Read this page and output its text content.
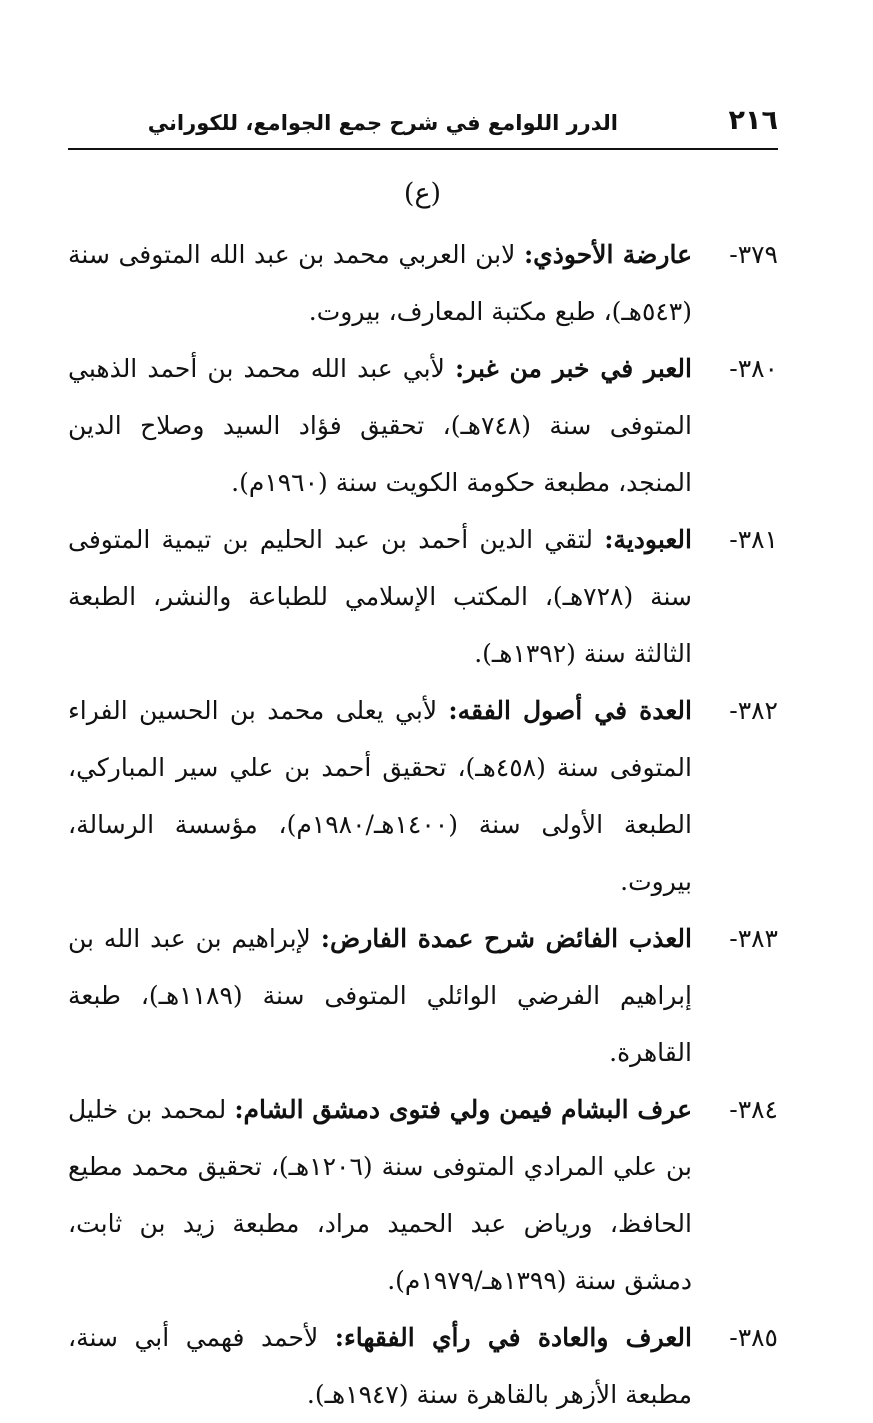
٢١٦
الدرر اللوامع في شرح جمع الجوامع، للكوراني
(ع)

٣٧٩-
عارضة الأحوذي: لابن العربي محمد بن عبد الله المتوفى سنة (٥٤٣هـ)، طبع مكتبة المعارف، بيروت.

٣٨٠-
العبر في خبر من غبر: لأبي عبد الله محمد بن أحمد الذهبي المتوفى سنة (٧٤٨هـ)، تحقيق فؤاد السيد وصلاح الدين المنجد، مطبعة حكومة الكويت سنة (١٩٦٠م).

٣٨١-
العبودية: لتقي الدين أحمد بن عبد الحليم بن تيمية المتوفى سنة (٧٢٨هـ)، المكتب الإسلامي للطباعة والنشر، الطبعة الثالثة سنة (١٣٩٢هـ).

٣٨٢-
العدة في أصول الفقه: لأبي يعلى محمد بن الحسين الفراء المتوفى سنة (٤٥٨هـ)، تحقيق أحمد بن علي سير المباركي، الطبعة الأولى سنة (١٤٠٠هـ/١٩٨٠م)، مؤسسة الرسالة، بيروت.

٣٨٣-
العذب الفائض شرح عمدة الفارض: لإبراهيم بن عبد الله بن إبراهيم الفرضي الوائلي المتوفى سنة (١١٨٩هـ)، طبعة القاهرة.

٣٨٤-
عرف البشام فيمن ولي فتوى دمشق الشام: لمحمد بن خليل بن علي المرادي المتوفى سنة (١٢٠٦هـ)، تحقيق محمد مطيع الحافظ، ورياض عبد الحميد مراد، مطبعة زيد بن ثابت، دمشق سنة (١٣٩٩هـ/١٩٧٩م).

٣٨٥-
العرف والعادة في رأي الفقهاء: لأحمد فهمي أبي سنة، مطبعة الأزهر بالقاهرة سنة (١٩٤٧هـ).
